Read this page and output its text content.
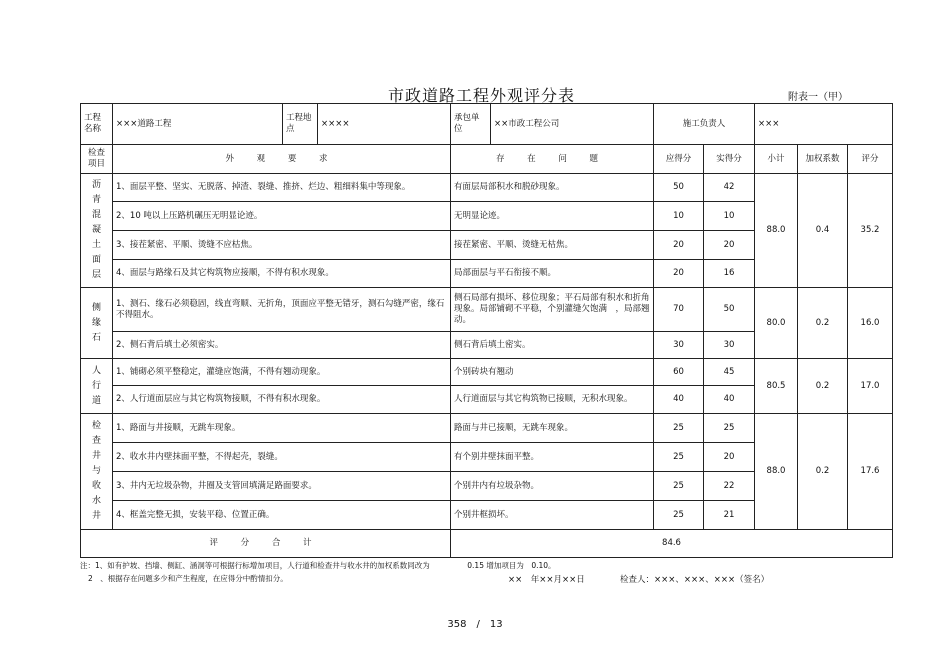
市政道路工程外观评分表	附表一（甲）
工程名称	×××道路工程	工程地点	××××	承包单位	××市政工程公司	施工负责人		×××		
检查项目	外 观 要 求			存 在 问 题		应得分	实得分	小计	加权系数	评分

沥青混凝土面层	1、面层平整、坚实、无脱落、掉渣、裂缝、推挤、烂边、粗细料集中等现象。			有面层局部积水和脱砂现象。		50	42	88.0	0.4	35.2
	2、10 吨以上压路机碾压无明显论迹。			无明显论迹。		10	10			
	3、接茬紧密、平顺、烫缝不应枯焦。			接茬紧密、平顺、烫缝无枯焦。		20	20			
	4、面层与路缘石及其它构筑物应接顺，不得有积水现象。			局部面层与平石衔接不顺。		20	16			

侧缘石	1、测石、缘石必须稳固，线直弯顺、无折角，顶面应平整无错牙，测石勾缝严密，缘石不得阻水。			侧石局部有损坏、移位现象；平石局部有积水和折角现象。局部铺砌不平稳，个别灌缝欠饱满　，局部翘动。		70	50	80.0	0.2	16.0
	2、侧石背后填土必须密实。			侧石背后填土密实。		30	30			

人行道	1、铺砌必须平整稳定，灌缝应饱满，不得有翘动现象。			个别砖块有翘动		60	45	80.5	0.2	17.0
	2、人行道面层应与其它构筑物接顺，不得有积水现象。			人行道面层与其它构筑物已接顺，无积水现象。		40	40			

检查井与收水井	1、路面与井接顺，无跳车现象。			路面与井已接顺，无跳车现象。		25	25	88.0	0.2	17.6
	2、收水井内壁抹面平整，不得起壳，裂缝。			有个别井壁抹面平整。		25	20			
	3、井内无垃圾杂物，井圈及支管回填满足路面要求。			个别井内有垃圾杂物。		25	22			
	4、框盖完整无损，安装平稳、位置正确。			个别井框损坏。		25	21			
评 分 合 计				84.6						
注：1、如有护坡、挡墙、侧缸、涵洞等可根据行标增加项目，人行道和检查井与收水井的加权系数同改为　　　　　0.15 增加项目为　0.10。
2　、根据存在问题多少和产生程度，在应得分中酌情扣分。	××　年××月××日	检查人：×××、×××、×××（签名）
358　/　13
